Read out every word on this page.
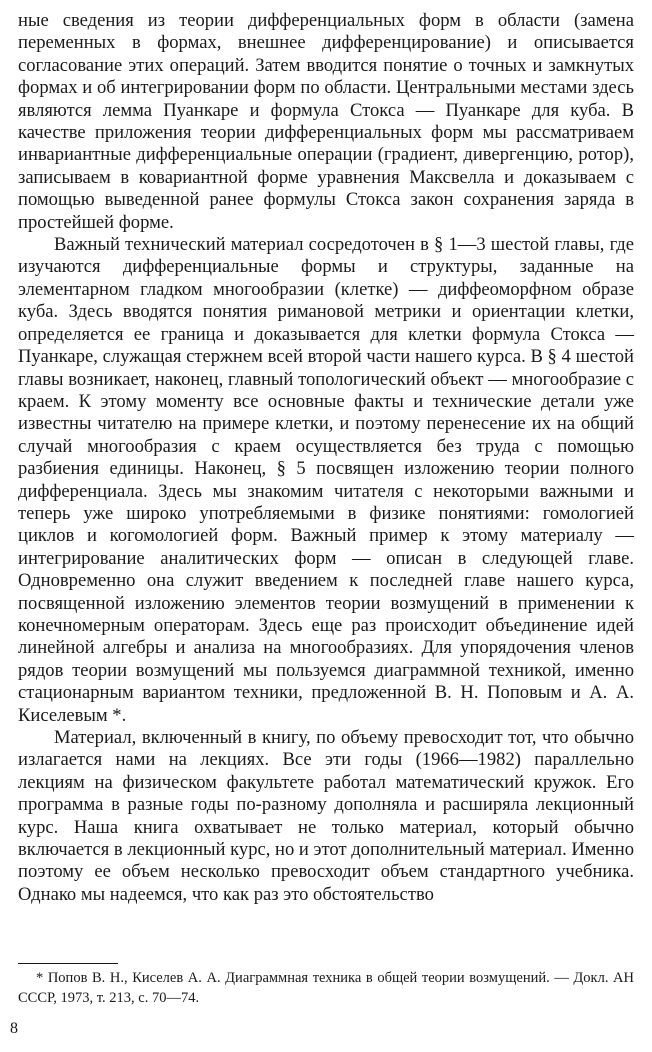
ные сведения из теории дифференциальных форм в области (замена переменных в формах, внешнее дифференцирование) и описывается согласование этих операций. Затем вводится понятие о точных и замкнутых формах и об интегрировании форм по области. Центральными местами здесь являются лемма Пуанкаре и формула Стокса — Пуанкаре для куба. В качестве приложения теории дифференциальных форм мы рассматриваем инвариантные дифференциальные операции (градиент, дивергенцию, ротор), записываем в ковариантной форме уравнения Максвелла и доказываем с помощью выведенной ранее формулы Стокса закон сохранения заряда в простейшей форме.

Важный технический материал сосредоточен в § 1—3 шестой главы, где изучаются дифференциальные формы и структуры, заданные на элементарном гладком многообразии (клетке) — диффеоморфном образе куба. Здесь вводятся понятия римановой метрики и ориентации клетки, определяется ее граница и доказывается для клетки формула Стокса — Пуанкаре, служащая стержнем всей второй части нашего курса. В § 4 шестой главы возникает, наконец, главный топологический объект — многообразие с краем. К этому моменту все основные факты и технические детали уже известны читателю на примере клетки, и поэтому перенесение их на общий случай многообразия с краем осуществляется без труда с помощью разбиения единицы. Наконец, § 5 посвящен изложению теории полного дифференциала. Здесь мы знакомим читателя с некоторыми важными и теперь уже широко употребляемыми в физике понятиями: гомологией циклов и когомологией форм. Важный пример к этому материалу — интегрирование аналитических форм — описан в следующей главе. Одновременно она служит введением к последней главе нашего курса, посвященной изложению элементов теории возмущений в применении к конечномерным операторам. Здесь еще раз происходит объединение идей линейной алгебры и анализа на многообразиях. Для упорядочения членов рядов теории возмущений мы пользуемся диаграммной техникой, именно стационарным вариантом техники, предложенной В. Н. Поповым и А. А. Киселевым *.

Материал, включенный в книгу, по объему превосходит тот, что обычно излагается нами на лекциях. Все эти годы (1966—1982) параллельно лекциям на физическом факультете работал математический кружок. Его программа в разные годы по-разному дополняла и расширяла лекционный курс. Наша книга охватывает не только материал, который обычно включается в лекционный курс, но и этот дополнительный материал. Именно поэтому ее объем несколько превосходит объем стандартного учебника. Однако мы надеемся, что как раз это обстоятельство

* Попов В. Н., Киселев А. А. Диаграммная техника в общей теории возмущений. — Докл. АН СССР, 1973, т. 213, с. 70—74.

8
